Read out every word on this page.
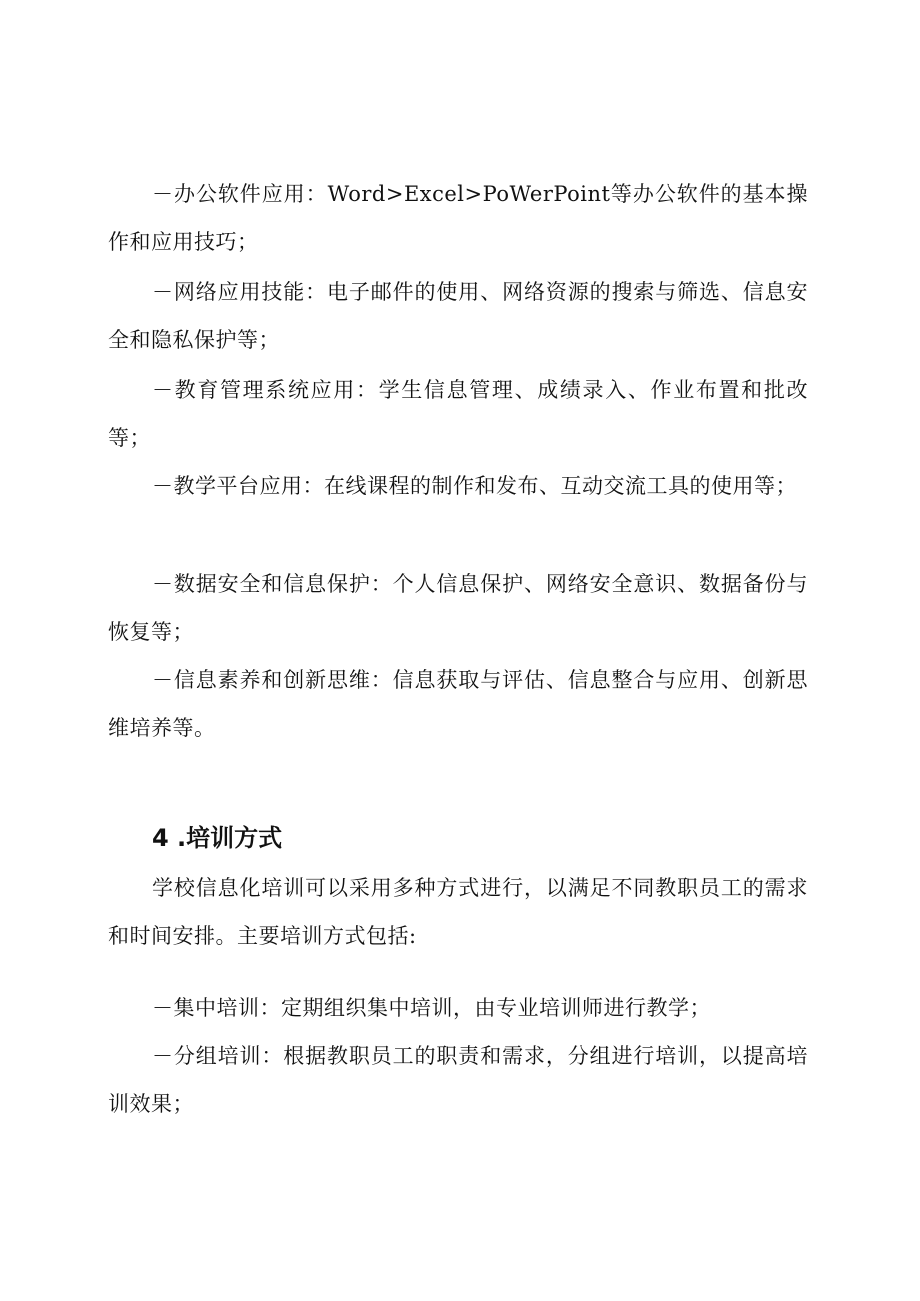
－办公软件应用：Word>Excel>PoWerPoint等办公软件的基本操作和应用技巧；

－网络应用技能：电子邮件的使用、网络资源的搜索与筛选、信息安全和隐私保护等；

－教育管理系统应用：学生信息管理、成绩录入、作业布置和批改等；

－教学平台应用：在线课程的制作和发布、互动交流工具的使用等；

－数据安全和信息保护：个人信息保护、网络安全意识、数据备份与恢复等；

－信息素养和创新思维：信息获取与评估、信息整合与应用、创新思维培养等。

4 .培训方式

学校信息化培训可以采用多种方式进行，以满足不同教职员工的需求和时间安排。主要培训方式包括:

－集中培训：定期组织集中培训，由专业培训师进行教学；

－分组培训：根据教职员工的职责和需求，分组进行培训，以提高培训效果；
